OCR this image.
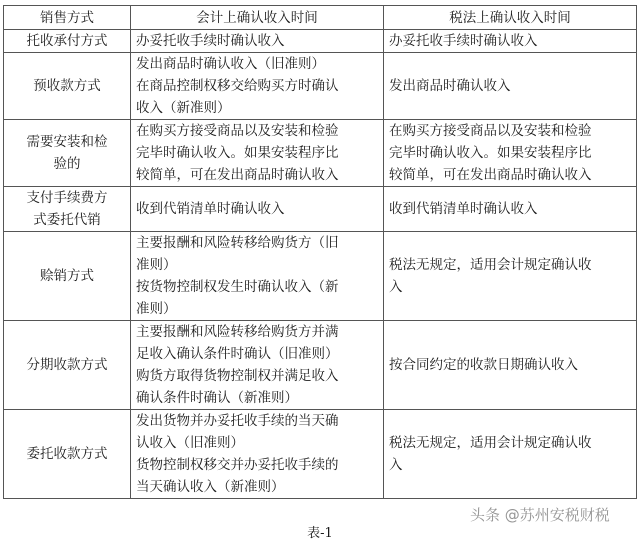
销售方式	会计上确认收入时间	税法上确认收入时间

托收承付方式	办妥托收手续时确认收入	办妥托收手续时确认收入

预收款方式	发出商品时确认收入（旧准则）
在商品控制权移交给购买方时确认
收入（新准则）	发出商品时确认收入

需要安装和检
验的	在购买方接受商品以及安装和检验
完毕时确认收入。如果安装程序比
较简单，可在发出商品时确认收入	在购买方接受商品以及安装和检验
完毕时确认收入。如果安装程序比
较简单，可在发出商品时确认收入

支付手续费方
式委托代销	收到代销清单时确认收入	收到代销清单时确认收入

赊销方式	主要报酬和风险转移给购货方（旧
准则）
按货物控制权发生时确认收入（新
准则）	税法无规定，适用会计规定确认收
入

分期收款方式	主要报酬和风险转移给购货方并满
足收入确认条件时确认（旧准则）
购货方取得货物控制权并满足收入
确认条件时确认（新准则）	按合同约定的收款日期确认收入

委托收款方式	发出货物并办妥托收手续的当天确
认收入（旧准则）
货物控制权移交并办妥托收手续的
当天确认收入（新准则）	税法无规定，适用会计规定确认收
入
表-1
头条 @苏州安税财税
